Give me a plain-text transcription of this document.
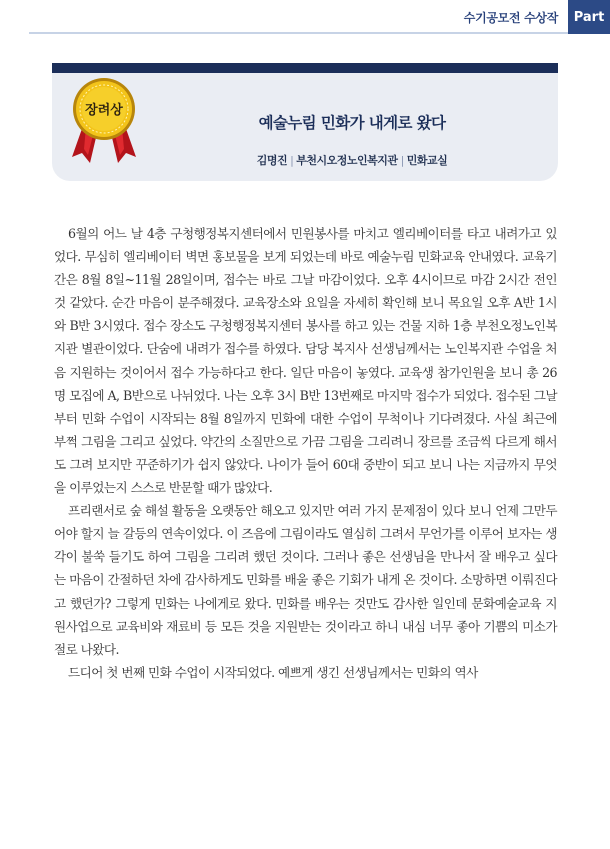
수기공모전 수상작	Part
예술누림 민화가 내게로 왔다
김명진 | 부천시오정노인복지관 | 민화교실
장려상

6월의 어느 날 4층 구청행정복지센터에서 민원봉사를 마치고 엘리베이터를 타고 내려가고 있었다. 무심히 엘리베이터 벽면 홍보물을 보게 되었는데 바로 예술누림 민화교육 안내였다. 교육기간은 8월 8일~11월 28일이며, 접수는 바로 그날 마감이었다. 오후 4시이므로 마감 2시간 전인 것 같았다. 순간 마음이 분주해졌다. 교육장소와 요일을 자세히 확인해 보니 목요일 오후 A반 1시와 B반 3시였다. 접수 장소도 구청행정복지센터 봉사를 하고 있는 건물 지하 1층 부천오정노인복지관 별관이었다. 단숨에 내려가 접수를 하였다. 담당 복지사 선생님께서는 노인복지관 수업을 처음 지원하는 것이어서 접수 가능하다고 한다. 일단 마음이 놓였다. 교육생 참가인원을 보니 총 26명 모집에 A, B반으로 나뉘었다. 나는 오후 3시 B반 13번째로 마지막 접수가 되었다. 접수된 그날부터 민화 수업이 시작되는 8월 8일까지 민화에 대한 수업이 무척이나 기다려졌다. 사실 최근에 부쩍 그림을 그리고 싶었다. 약간의 소질만으로 가끔 그림을 그리려니 장르를 조금씩 다르게 해서도 그려 보지만 꾸준하기가 쉽지 않았다. 나이가 들어 60대 중반이 되고 보니 나는 지금까지 무엇을 이루었는지 스스로 반문할 때가 많았다.

프리랜서로 숲 해설 활동을 오랫동안 해오고 있지만 여러 가지 문제점이 있다 보니 언제 그만두어야 할지 늘 갈등의 연속이었다. 이 즈음에 그림이라도 열심히 그려서 무언가를 이루어 보자는 생각이 불쑥 들기도 하여 그림을 그리려 했던 것이다. 그러나 좋은 선생님을 만나서 잘 배우고 싶다는 마음이 간절하던 차에 감사하게도 민화를 배울 좋은 기회가 내게 온 것이다. 소망하면 이뤄진다고 했던가? 그렇게 민화는 나에게로 왔다. 민화를 배우는 것만도 감사한 일인데 문화예술교육 지원사업으로 교육비와 재료비 등 모든 것을 지원받는 것이라고 하니 내심 너무 좋아 기쁨의 미소가 절로 나왔다.

드디어 첫 번째 민화 수업이 시작되었다. 예쁘게 생긴 선생님께서는 민화의 역사
